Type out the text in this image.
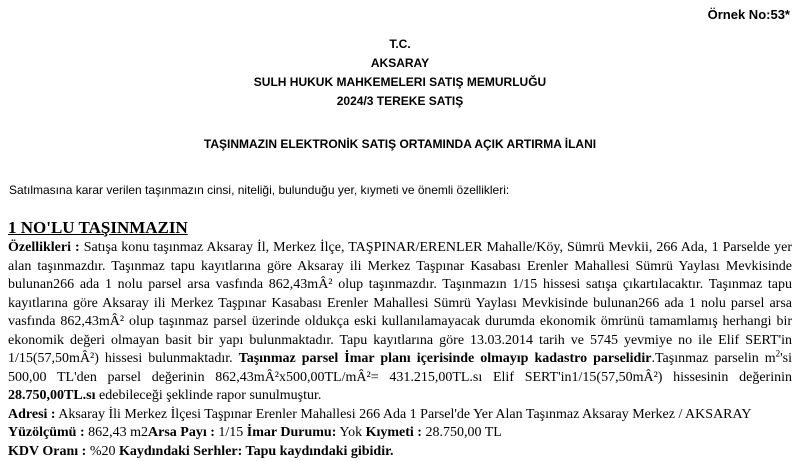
Örnek No:53*
T.C.
AKSARAY
SULH HUKUK MAHKEMELERI SATIŞ MEMURLUĞU
2024/3 TEREKE SATIŞ
TAŞINMAZIN ELEKTRONİK SATIŞ ORTAMINDA AÇIK ARTIRMA İLANI
Satılmasına karar verilen taşınmazın cinsi, niteliği, bulunduğu yer, kıymeti ve önemli özellikleri:
1 NO'LU TAŞINMAZIN

Özellikleri : Satışa konu taşınmaz Aksaray İl, Merkez İlçe, TAŞPINAR/ERENLER Mahalle/Köy, Sümrü Mevkii, 266 Ada, 1 Parselde yer alan taşınmazdır. Taşınmaz tapu kayıtlarına göre Aksaray ili Merkez Taşpınar Kasabası Erenler Mahallesi Sümrü Yaylası Mevkisinde bulunan266 ada 1 nolu parsel arsa vasfında 862,43mÂ² olup taşınmazdır. Taşınmazın 1/15 hissesi satışa çıkartılacaktır. Taşınmaz tapu kayıtlarına göre Aksaray ili Merkez Taşpınar Kasabası Erenler Mahallesi Sümrü Yaylası Mevkisinde bulunan266 ada 1 nolu parsel arsa vasfında 862,43mÂ² olup taşınmaz parsel üzerinde oldukça eski kullanılamayacak durumda ekonomik ömrünü tamamlamış herhangi bir ekonomik değeri olmayan basit bir yapı bulunmaktadır. Tapu kayıtlarına göre 13.03.2014 tarih ve 5745 yevmiye no ile Elif SERT'in 1/15(57,50mÂ²) hissesi bulunmaktadır. Taşınmaz parsel İmar planı içerisinde olmayıp kadastro parselidir.Taşınmaz parselin $m^2'si$ 500,00 TL'den parsel değerinin 862,43mÂ²x500,00TL/mÂ²= 431.215,00TL.sı Elif SERT'in1/15(57,50mÂ²) hissesinin değerinin 28.750,00TL.sı edebileceği şeklinde rapor sunulmuştur.

Adresi : Aksaray İli Merkez İlçesi Taşpınar Erenler Mahallesi 266 Ada 1 Parsel'de Yer Alan Taşınmaz Aksaray Merkez / AKSARAY

Yüzölçümü : 862,43 m2Arsa Payı : 1/15 İmar Durumu: Yok Kıymeti : 28.750,00 TL

KDV Oranı : %20 Kaydındaki Serhler: Tapu kaydındaki gibidir.
